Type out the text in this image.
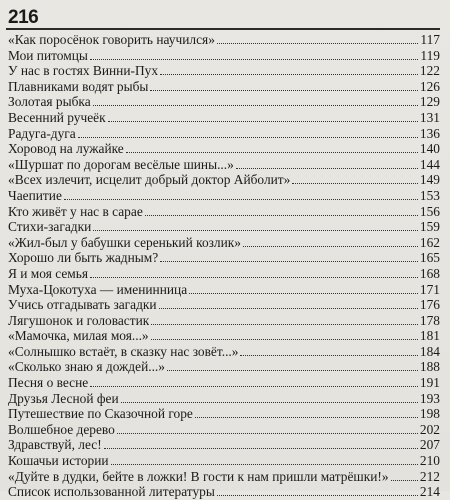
216
«Как поросёнок говорить научился»	117
Мои питомцы	119
У нас в гостях Винни-Пух	122
Плавниками водят рыбы	126
Золотая рыбка	129
Весенний ручеёк	131
Радуга-дуга	136
Хоровод на лужайке	140
«Шуршат по дорогам весёлые шины...»	144
«Всех излечит, исцелит добрый доктор Айболит»	149
Чаепитие	153
Кто живёт у нас в сарае	156
Стихи-загадки	159
«Жил-был у бабушки серенький козлик»	162
Хорошо ли быть жадным?	165
Я и моя семья	168
Муха-Цокотуха — именинница	171
Учись отгадывать загадки	176
Лягушонок и головастик	178
«Мамочка, милая моя...»	181
«Солнышко встаёт, в сказку нас зовёт...»	184
«Сколько знаю я дождей...»	188
Песня о весне	191
Друзья Лесной феи	193
Путешествие по Сказочной горе	198
Волшебное дерево	202
Здравствуй, лес!	207
Кошачьи истории	210
«Дуйте в дудки, бейте в ложки! В гости к нам пришли матрёшки!» 212
Список использованной литературы	214
